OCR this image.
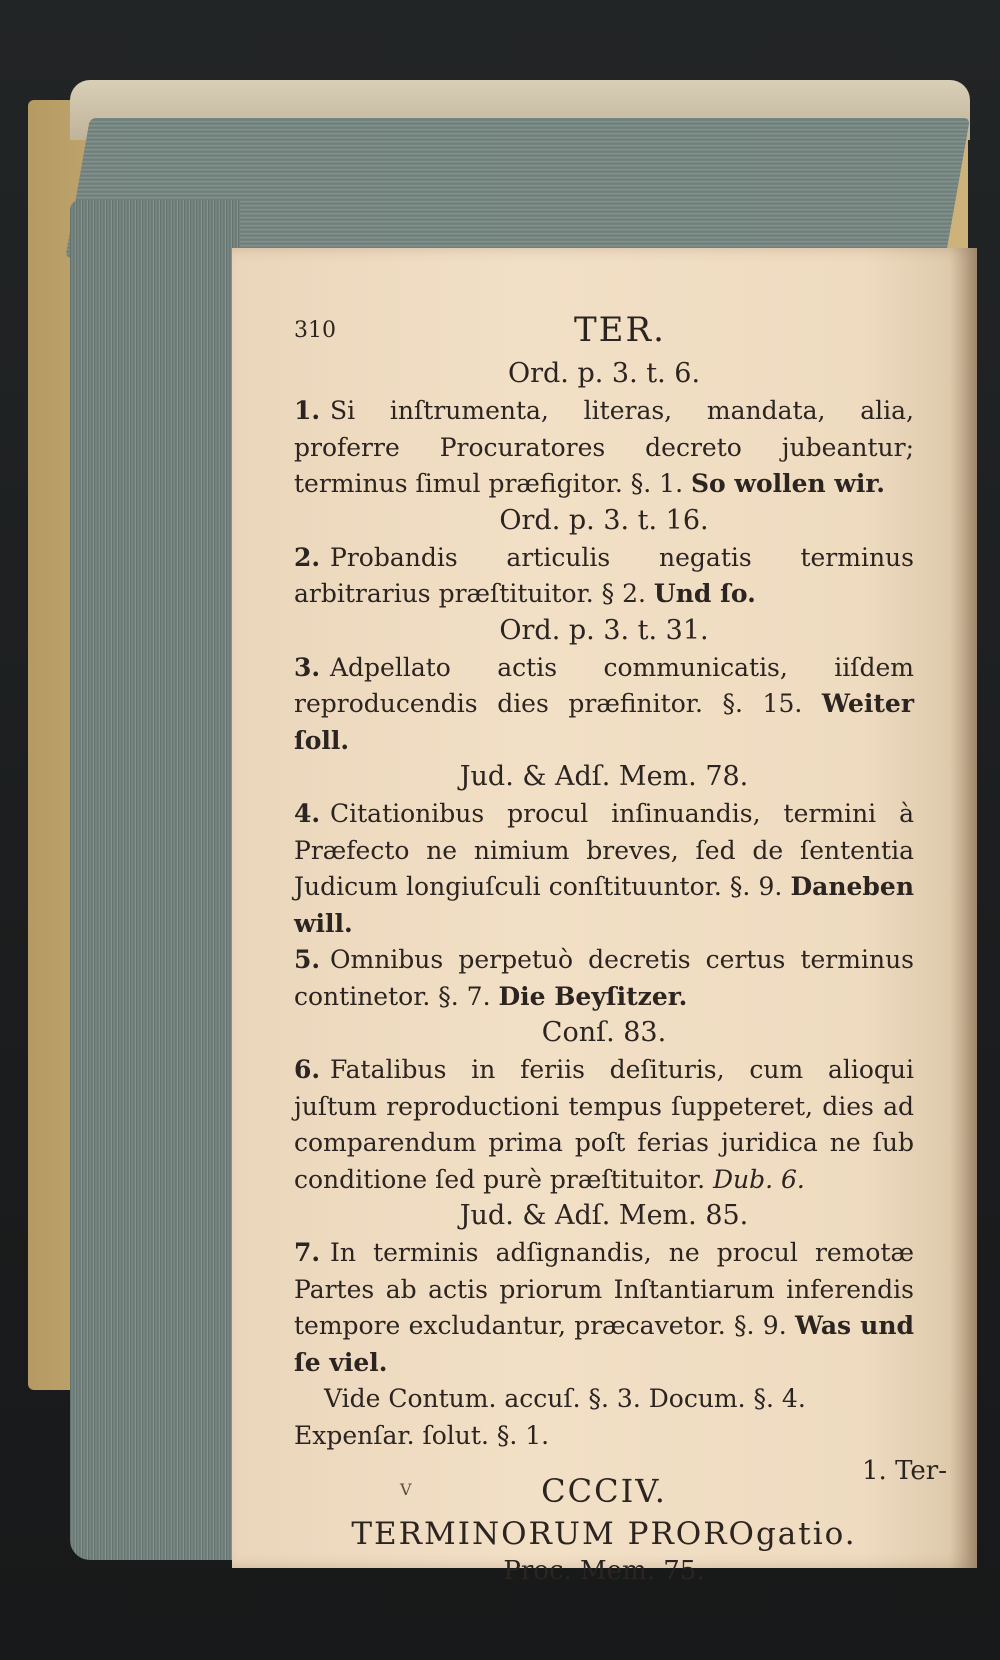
310	TER.
Ord. p. 3. t. 6.

1. Si inſtrumenta, literas, mandata, alia, proferre Procuratores decreto jubeantur; terminus ſimul præfigitor. §. 1. So wollen wir.

Ord. p. 3. t. 16.

2. Probandis articulis negatis terminus arbitrarius præſtituitor. § 2. Und ſo.

Ord. p. 3. t. 31.

3. Adpellato actis communicatis, iiſdem reproducendis dies præfinitor. §. 15. Weiter ſoll.

Jud. & Adſ. Mem. 78.

4. Citationibus procul inſinuandis, termini à Præfecto ne nimium breves, ſed de ſententia Judicum longiuſculi conſtituuntor. §. 9. Daneben will.

5. Omnibus perpetuò decretis certus terminus continetor. §. 7. Die Beyſitzer.

Conſ. 83.

6. Fatalibus in feriis deſituris, cum alioqui juſtum reproductioni tempus ſuppeteret, dies ad comparendum prima poſt ferias juridica ne ſub conditione ſed purè præſtituitor. Dub. 6.

Jud. & Adſ. Mem. 85.

7. In terminis adſignandis, ne procul remotæ Partes ab actis priorum Inſtantiarum inferendis tempore excludantur, præcavetor. §. 9. Was und ſe viel.

Vide Contum. accuſ. §. 3. Docum. §. 4. Expenſar. ſolut. §. 1.

CCCIV.

TERMINORUM PROROgatio.

Proc. Mem. 75.
V
1. Ter-
